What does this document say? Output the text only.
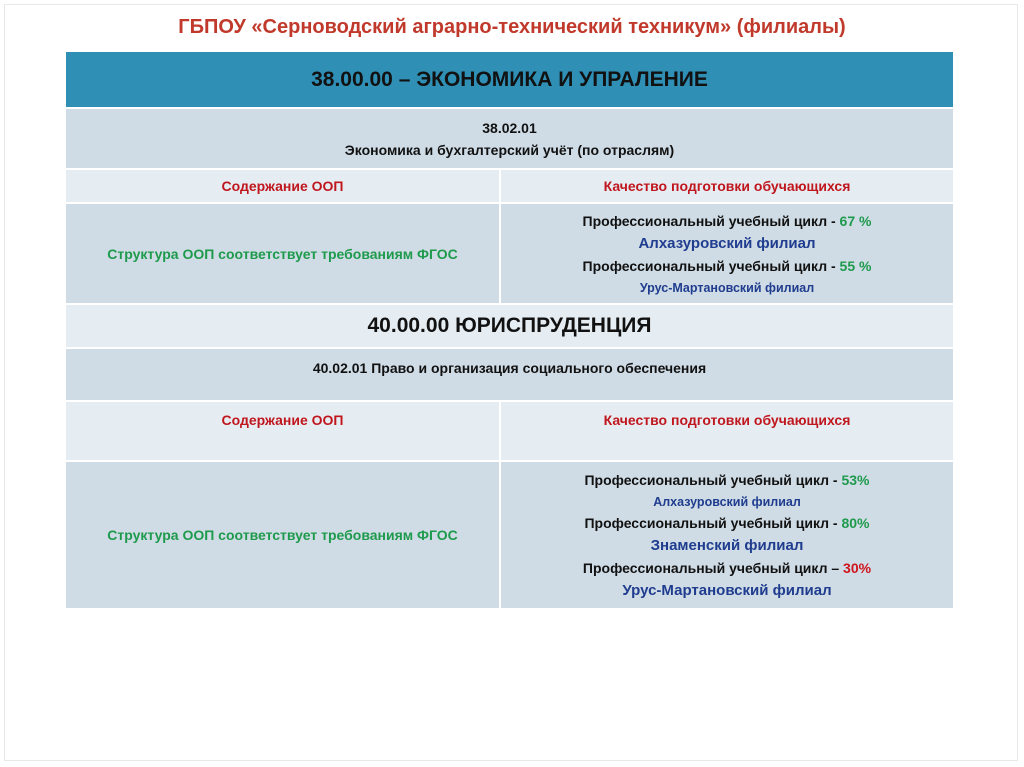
ГБПОУ «Серноводский аграрно-технический техникум» (филиалы)
38.00.00 – ЭКОНОМИКА И УПРАЛЕНИЕ
38.02.01
Экономика и бухгалтерский учёт (по отраслям)
Содержание ООП	Качество подготовки обучающихся
Структура ООП соответствует требованиям ФГОС
Профессиональный учебный цикл - 67 %
Алхазуровский филиал
Профессиональный учебный цикл - 55 %
Урус-Мартановский филиал
40.00.00 ЮРИСПРУДЕНЦИЯ
40.02.01 Право и организация социального обеспечения
Содержание ООП	Качество подготовки обучающихся
Структура ООП соответствует требованиям ФГОС
Профессиональный учебный цикл - 53%
Алхазуровский филиал
Профессиональный учебный цикл - 80%
Знаменский филиал
Профессиональный учебный цикл – 30%
Урус-Мартановский филиал
